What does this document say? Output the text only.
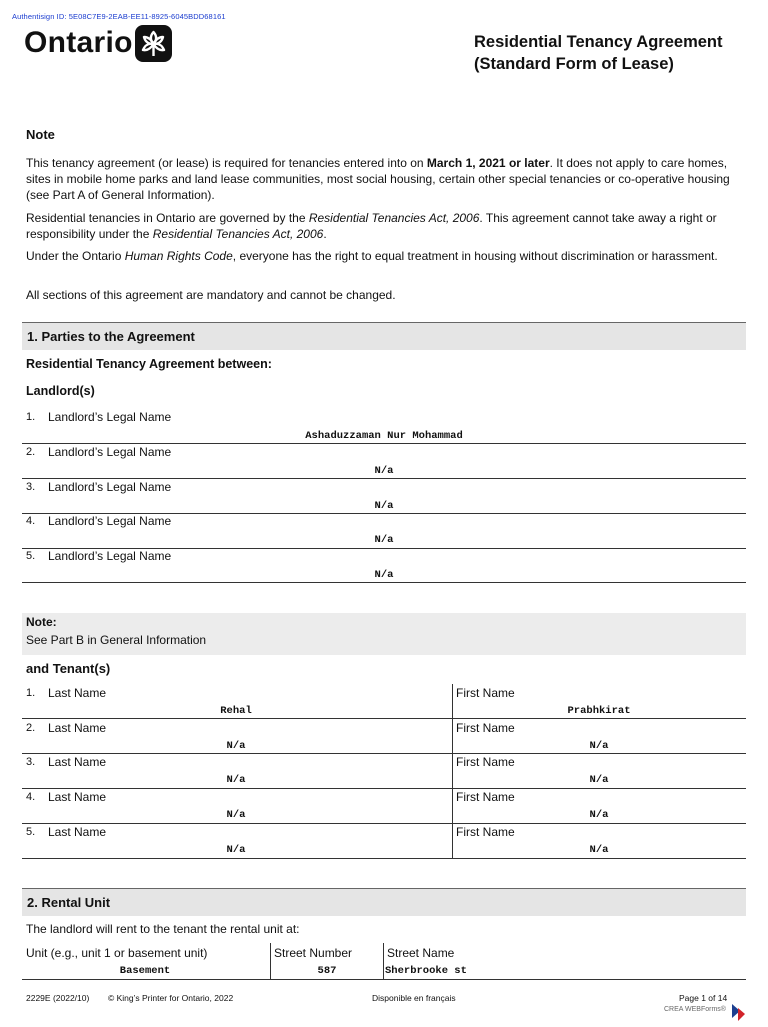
Authentisign ID: 5E08C7E9-2EAB-EE11-8925-6045BDD68161
Ontario	Residential Tenancy Agreement
(Standard Form of Lease)
Note
This tenancy agreement (or lease) is required for tenancies entered into on March 1, 2021 or later. It does not apply to care homes, sites in mobile home parks and land lease communities, most social housing, certain other special tenancies or co-operative housing (see Part A of General Information).
Residential tenancies in Ontario are governed by the Residential Tenancies Act, 2006. This agreement cannot take away a right or responsibility under the Residential Tenancies Act, 2006.
Under the Ontario Human Rights Code, everyone has the right to equal treatment in housing without discrimination or harassment.
All sections of this agreement are mandatory and cannot be changed.
1. Parties to the Agreement
Residential Tenancy Agreement between:
Landlord(s)
1. Landlord’s Legal Name
Ashaduzzaman Nur Mohammad
2. Landlord’s Legal Name
N/a
3. Landlord’s Legal Name
N/a
4. Landlord’s Legal Name
N/a
5. Landlord’s Legal Name
N/a
Note:
See Part B in General Information
and Tenant(s)
1. Last Name	First Name
Rehal	Prabhkirat
2. Last Name	First Name
N/a	N/a
3. Last Name	First Name
N/a	N/a
4. Last Name	First Name
N/a	N/a
5. Last Name	First Name
N/a	N/a
2. Rental Unit
The landlord will rent to the tenant the rental unit at:
Unit (e.g., unit 1 or basement unit)	Street Number	Street Name
Basement	587	Sherbrooke st
2229E (2022/10) © King’s Printer for Ontario, 2022	Disponible en français	Page 1 of 14
CREA WEBForms®
